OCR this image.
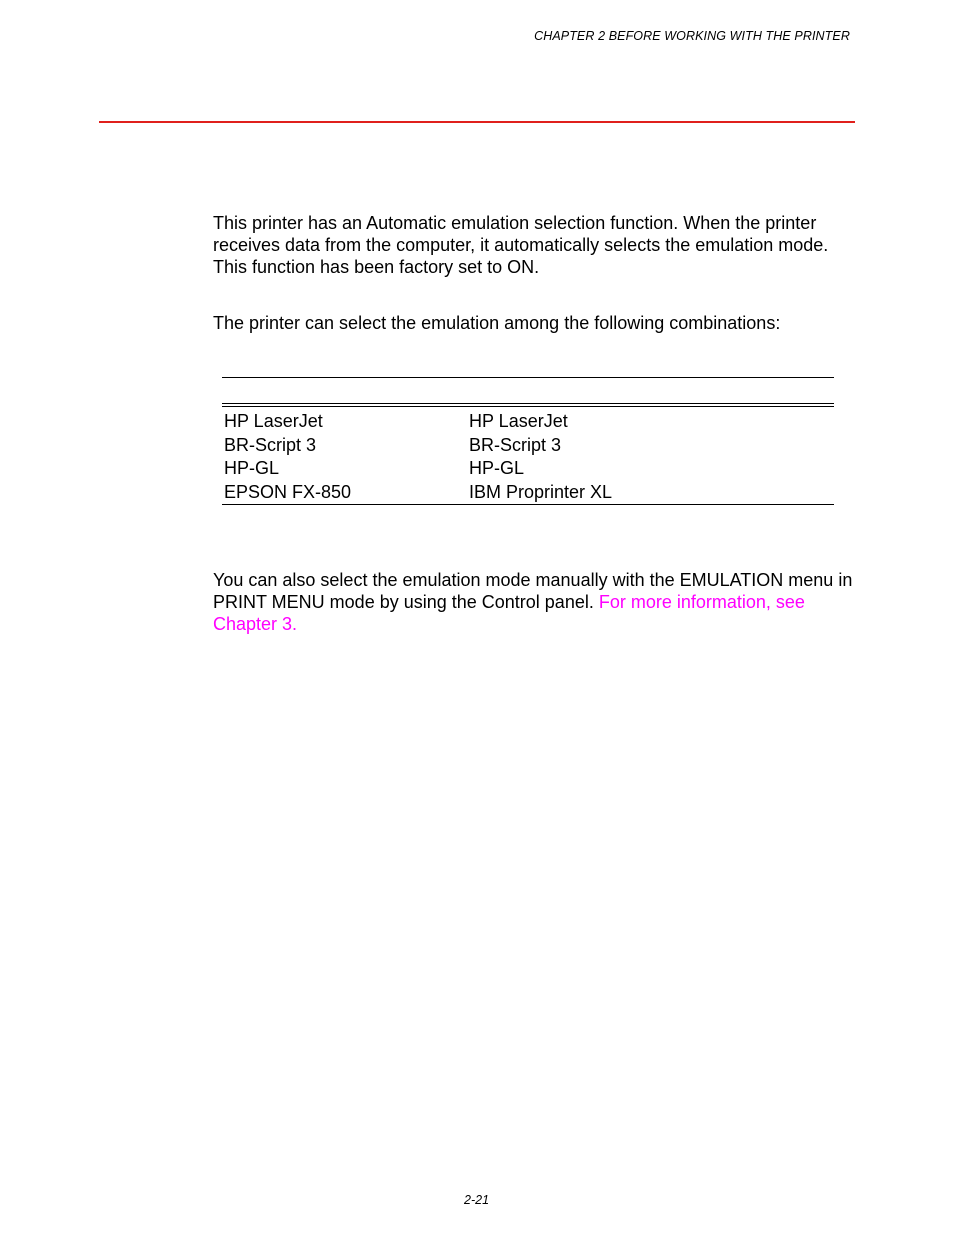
CHAPTER 2 BEFORE WORKING WITH THE PRINTER

This printer has an Automatic emulation selection function. When the printer receives data from the computer, it automatically selects the emulation mode. This function has been factory set to ON.

The printer can select the emulation among the following combinations:

HP LaserJet	HP LaserJet
BR-Script 3	BR-Script 3
HP-GL	HP-GL
EPSON FX-850	IBM Proprinter XL

You can also select the emulation mode manually with the EMULATION menu in PRINT MENU mode by using the Control panel. For more information, see Chapter 3.

2-21
